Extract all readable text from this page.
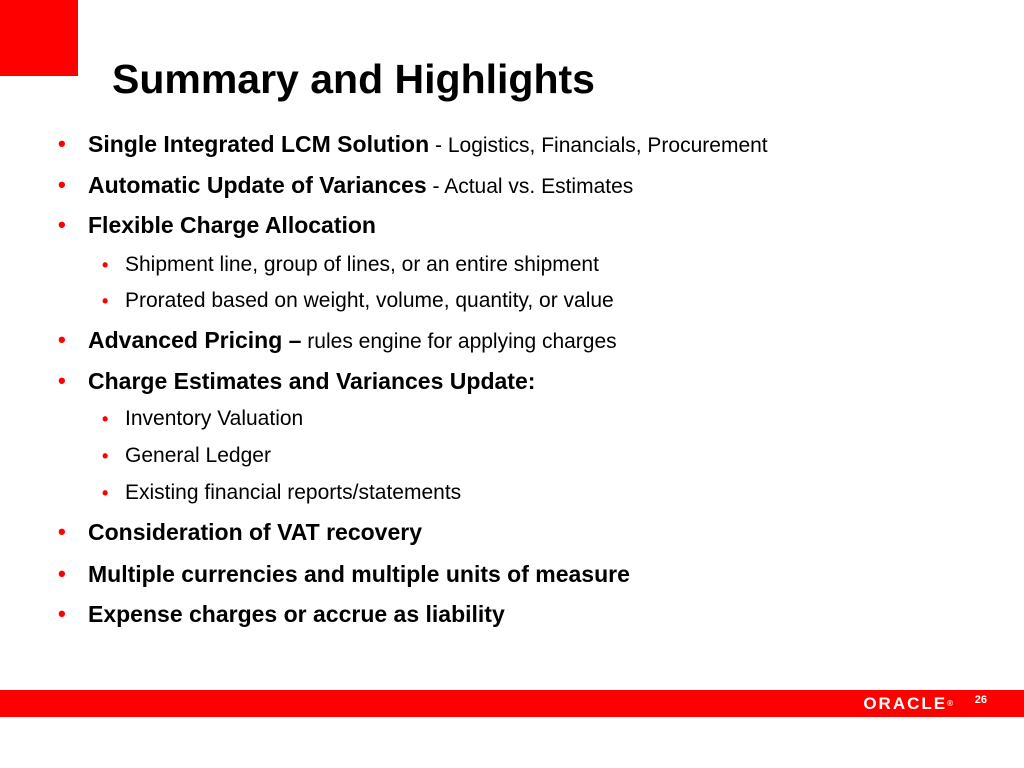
Summary and Highlights
• Single Integrated LCM Solution - Logistics, Financials, Procurement
• Automatic Update of Variances - Actual vs. Estimates
• Flexible Charge Allocation
• Shipment line, group of lines, or an entire shipment
• Prorated based on weight, volume, quantity, or value
• Advanced Pricing – rules engine for applying charges
• Charge Estimates and Variances Update:
• Inventory Valuation
• General Ledger
• Existing financial reports/statements
• Consideration of VAT recovery
• Multiple currencies and multiple units of measure
• Expense charges or accrue as liability
ORACLE® 26
